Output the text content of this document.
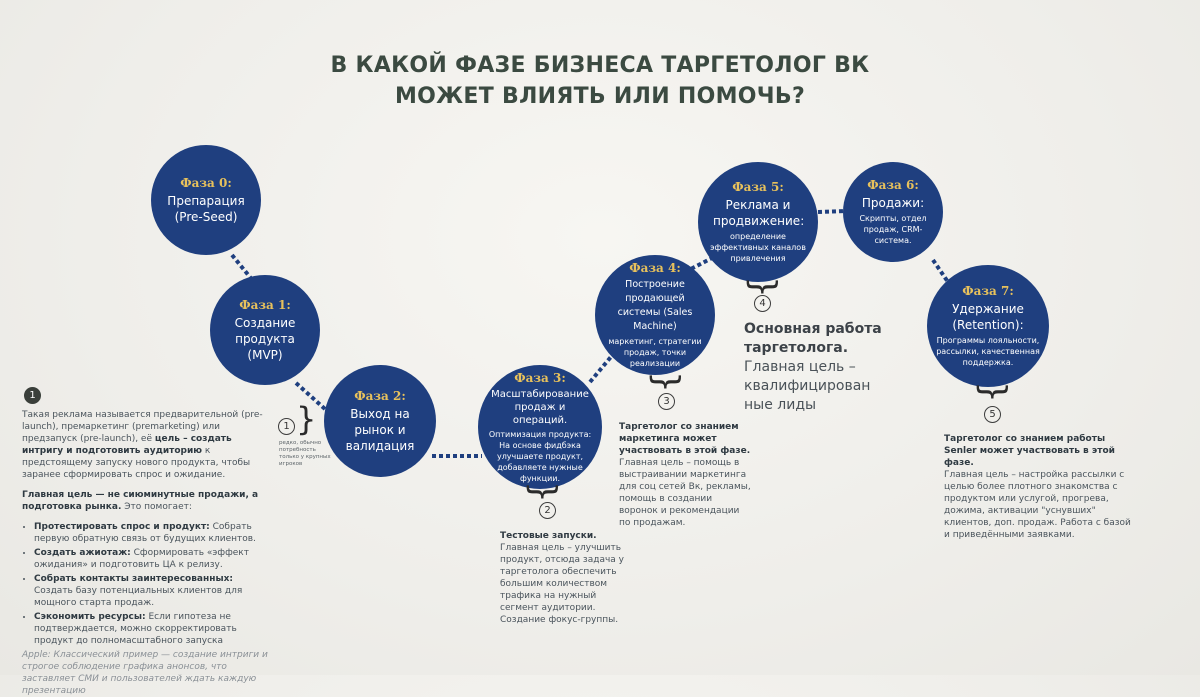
В КАКОЙ ФАЗЕ БИЗНЕСА ТАРГЕТОЛОГ ВК
МОЖЕТ ВЛИЯТЬ ИЛИ ПОМОЧЬ?
Фаза 0:
Препарация (Pre-Seed)
Фаза 1:
Создание продукта (MVP)
Фаза 2:
Выход на рынок и валидация
Фаза 3:
Масштабирование продаж и операций.
Оптимизация продукта: На основе фидбэка улучшаете продукт, добавляете нужные функции.
Фаза 4:
Построение продающей системы (Sales Machine)
маркетинг, стратегии продаж, точки реализации
Фаза 5:
Реклама и продвижение:
определение эффективных каналов привлечения
Фаза 6:
Продажи:
Скрипты, отдел продаж, CRM-система.
Фаза 7:
Удержание (Retention):
Программы лояльности, рассылки, качественная поддержка.
}
}
}
}
}
1
1
2
3
4
5
редко, обычно потребность только у крупных игроков
Такая реклама называется предварительной (pre-launch), премаркетинг (premarketing) или предзапуск (pre-launch), её цель – создать интригу и подготовить аудиторию к предстоящему запуску нового продукта, чтобы заранее сформировать спрос и ожидание.
Главная цель — не сиюминутные продажи, а подготовка рынка. Это помогает:
• Протестировать спрос и продукт: Собрать первую обратную связь от будущих клиентов.
• Создать ажиотаж: Сформировать «эффект ожидания» и подготовить ЦА к релизу.
• Собрать контакты заинтересованных: Создать базу потенциальных клиентов для мощного старта продаж.
• Сэкономить ресурсы: Если гипотеза не подтверждается, можно скорректировать продукт до полномасштабного запуска
Apple: Классический пример — создание интриги и строгое соблюдение графика анонсов, что заставляет СМИ и пользователей ждать каждую презентацию
Тестовые запуски.
Главная цель – улучшить продукт, отсюда задача у таргетолога обеспечить большим количеством трафика на нужный сегмент аудитории. Создание фокус-группы.
Таргетолог со знанием маркетинга может участвовать в этой фазе.
Главная цель – помощь в выстраивании маркетинга для соц сетей Вк, рекламы, помощь в создании воронок и рекомендации по продажам.
Основная работа таргетолога.
Главная цель – квалифицирован ные лиды
Таргетолог со знанием работы Senler может участвовать в этой фазе.
Главная цель – настройка рассылки с целью более плотного знакомства с продуктом или услугой, прогрева, дожима, активации "уснувших" клиентов, доп. продаж. Работа с базой и приведёнными заявками.
